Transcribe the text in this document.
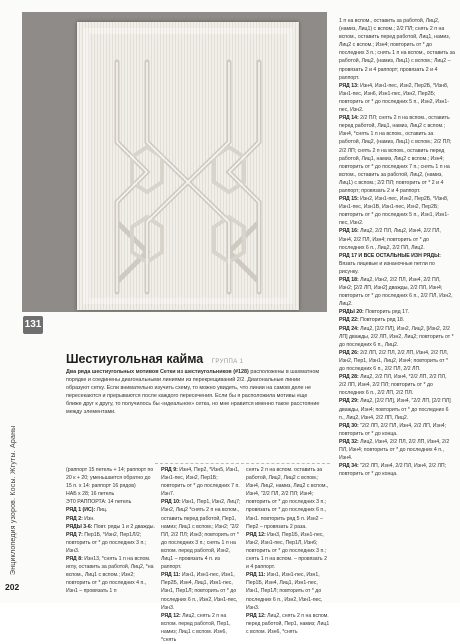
Энциклопедия узоров. Косы. Жгуты. Араны
202
131
Шестиугольная кайма ГРУППА 1
Два ряда шестиугольных мотивов Сетки из шестиугольников (#128) расположены в шахматном порядке и соединены диагональными линиями из перекрещиваний 2/2. Диагональные линии образуют сетку. Если внимательно изучить схему, то можно увидеть, что линии на самом деле не пересекаются и прерываются после каждого пересечения. Если бы я расположила мотивы еще ближе друг к другу, то получилось бы «идеальное» сетка, но мне нравится именно такое расстояние между элементами.

(раппорт 15 петель + 14; раппорт по 20 к + 20; уменьшается обратно до 15 п. x 14: раппорт 16 рядов)

НАБ x 28; 16 петель

ЭТ0 РАППОРТА: 14 петель

РЯД 1 (ИС): Лиц.

РЯД 2: Изн.

РЯДЫ 3-6: Повт. ряды 1 и 2 дважды.

РЯД 7: Пер1Б, *Изн2, Пер1Л/2; повторить от * до последних 3 п.; Изн3.

РЯД 8: Изн13, *снять 1 п на вспом. иглу, оставить за работой, Лиц2, *на вспом., Лиц1 с вспом.; Изн2; повторить от * до последних 4 п., Изн1 – провязать 1 п

РЯД 9: Изн4, Пер2, *Изн5, Изн1, Изн1-пес, Изн2, Пер1Б; повторить от * до последних 7 п. Изн7.

РЯД 10: Изн1, Пер1, Изн2, Лиц7; Изн2, Лиц2 *снять 2 п на вспом., оставить перед работой, Пер1, намиз; Лиц1 с вспом.; Изн2; "2/2 ПЛ, 2/2 ПЛ; Изн3; повторить от * до последних 3 п.; снять 1 п на вспом. перед работой, Изн2, Лиц1 – провязать 4 п. из раппорт.

РЯД 11: Изн1, Изн1-пес, Изн1, Пер2Б, Изн4, Лиц1, Изн1-пес, Изн1, Пер1Л; повторить от * до последних 6 п., Изн2, Изн1-пес, Изн3.

РЯД 12: Лиц2, снять 2 п на вспом. перед работой, Пер1, намиз; Лиц1 с вспом. Изн6, *снять

снять 2 п на вспом. оставить за работой, Лиц2, Лиц2 с вспом.; Изн4, Лиц2, намиз, Лиц2 с вспом., Изн4, "2/2 ПЛ, 2/2 ПЛ; Изн4; повторить от * до последних 3 п.; провязать от * до последних 6 п., Изн1. повторить ряд 5 п. Изн2 – Пер2 – провязать 2 раза.

РЯД 12: Изн3, Пер1Б, Изн1-пес, Изн2, Изн1-пес, Пер1Л, Изн6; повторить от * до последних 3 п.; снять 1 п на вспом. – провязать 2 и 4 раппорт.

РЯД 11: Изн1, Изн1-пес, Изн1, Пер1Б, Изн4, Лиц1, Изн1-пес, Изн1, Пер1Л; повторить от * до последних 6 п., Изн2, Изн1-пес, Изн3.

РЯД 12: Лиц2, снять 2 п на вспом. перед работой, Пер1, намиз; Лиц1 с вспом. Изн6, *снять

1 п на вспом., оставить за работой, Лиц2, (намиз, Лиц1) с вспом.; 2/2 ПЛ; снять 2 п на вспом., оставить перед работой, Лиц1, намиз, Лиц2 с вспом.; Изн4; повторить от * до последних 3 п.; снять 1 п на вспом., оставить за работой, Лиц2, (намиз, Лиц1) с вспом.; Лиц2 – провязать 2 и 4 раппорт; провязать 2 и 4 раппорт.

РЯД 13: Изн4, Изн1-пес, Изн2, Пер2Б, *Изн8, Изн1-пес, Изн6, Изн1-пес, Изн2, Пер2Б; повторить от * до последних 5 п., Изн2, Изн1-пес, Изн2.

РЯД 14: 2/2 ПЛ; снять 2 п на вспом., оставить перед работой, Лиц1, намиз, Лиц2 с вспом.; Изн4, *снять 1 п на вспом., оставить за работой, Лиц2, (намиз, Лиц1) с вспом.; 2/2 ПЛ; 2/2 ЛП; снять 2 п на вспом., оставить перед работой, Лиц1, намиз, Лиц2 с вспом.; Изн4; повторить от * до последних 7 п.; снять 1 п на вспом., оставить за работой, Лиц2, (намиз, Лиц1) с вспом.; 2/2 ПЛ; повторить от * 2 и 4 раппорт; провязать 2 и 4 раппорт.

РЯД 15: Изн2, Изн1-пес, Изн2, Пер2Б, *Изн8, Изн1-пес, Изн1В, Изн1-пес, Изн2, Пер2Б; повторить от * до последних 5 п., Изн1, Изн1-пес, Изн2.

РЯД 16: Лиц2, 2/2 ПЛ, Лиц2, Изн4, 2/2 ПЛ, Изн4, 2/2 ПЛ, Изн4; повторить от * до последних 6 п., Лиц2, 2/2 ПЛ, Лиц2.

РЯД 17 И ВСЕ ОСТАЛЬНЫЕ ИЗН РЯДЫ: Вязать лицевые и изнаночные петли по рисунку.

РЯД 18: Лиц2, Изн2, 2/2 ПЛ, Изн4, 2/2 ПЛ, Изн2; [2/2 ЛП, Изн2] дважды, 2/2 ПЛ, Изн4; повторить от * до последних 6 п., 2/2 ПЛ, Изн2, Лиц2.

РЯДЫ 20: Повторить ряд 17.

РЯД 22: Повторить ряд 18.

РЯД 24: Лиц2, [2/2 ПЛ], Изн2, Лиц2, [Изн2, 2/2 ЛП] дважды, 2/2 ЛП, Изн2, Лиц2; повторить от * до последних 6 п., Лиц2.

РЯД 26: 2/2 ЛП, 2/2 ПЛ, 2/2 ЛП, Изн4, 2/2 ПЛ, Изн2, Пер1, Изн1, Лиц2, Изн4; повторить от * до последних 6 п., 2/2 ПЛ, 2/2 ЛП.

РЯД 28: Лиц2, 2/2 ПЛ, Изн4, *2/2 ЛП, 2/2 ПЛ, 2/2 ЛП, Изн4, 2/2 ПЛ; повторить от * до последних 6 п., 2/2 ЛП, 2/2 ПЛ.

РЯД 29: Лиц2, [2/2 ПЛ], Изн4, "2/2 ЛП, [2/2 ПЛ] дважды, Изн4; повторить от * до последних 6 п., Лиц2, Изн4, 2/2 ЛП, Лиц2.

РЯД 30: "2/2 ЛП, 2/2 ПЛ, Изн4, 2/2 ЛП, Изн4; повторить от * до конца.

РЯД 32: Лиц2, Изн4, 2/2 ПЛ, 2/2 ЛП, Изн4, 2/2 ПЛ, Изн4; повторить от * до последних 4 п., Изн4.

РЯД 34: "2/2 ЛП, Изн4, 2/2 ПЛ, Изн4, 2/2 ЛП; повторить от * до конца.
